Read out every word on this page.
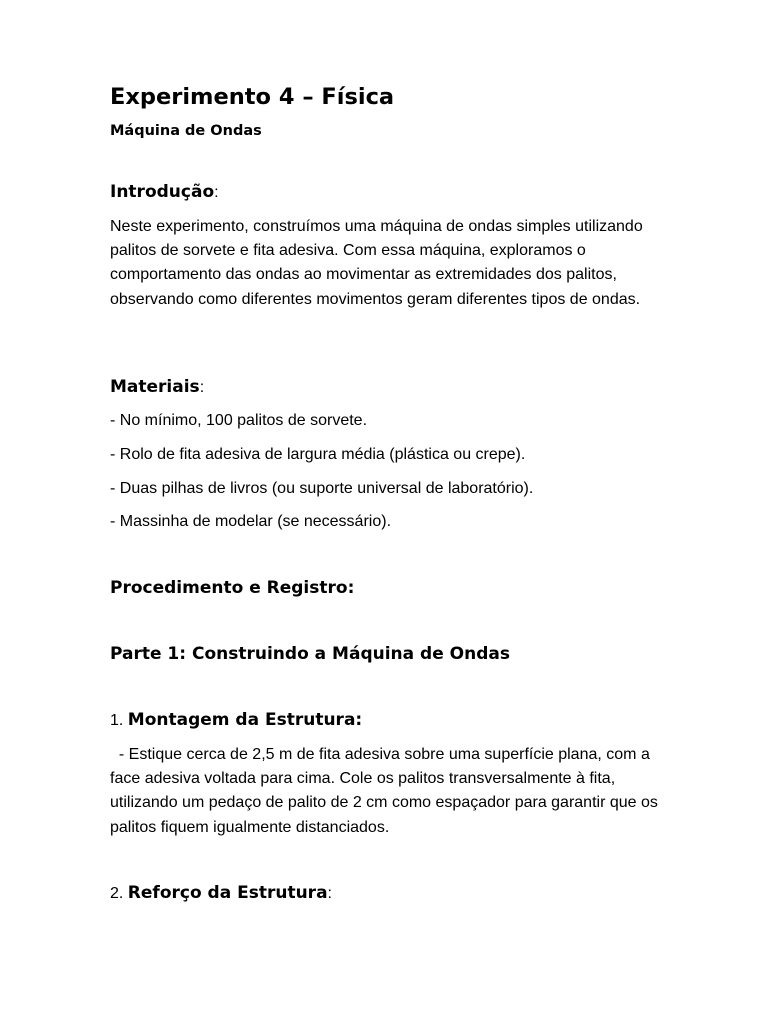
Experimento 4 – Física
Máquina de Ondas
Introdução:
Neste experimento, construímos uma máquina de ondas simples utilizando palitos de sorvete e fita adesiva. Com essa máquina, exploramos o comportamento das ondas ao movimentar as extremidades dos palitos, observando como diferentes movimentos geram diferentes tipos de ondas.
Materiais:
- No mínimo, 100 palitos de sorvete.
- Rolo de fita adesiva de largura média (plástica ou crepe).
- Duas pilhas de livros (ou suporte universal de laboratório).
- Massinha de modelar (se necessário).
Procedimento e Registro:
Parte 1: Construindo a Máquina de Ondas
1. Montagem da Estrutura:
- Estique cerca de 2,5 m de fita adesiva sobre uma superfície plana, com a face adesiva voltada para cima. Cole os palitos transversalmente à fita, utilizando um pedaço de palito de 2 cm como espaçador para garantir que os palitos fiquem igualmente distanciados.
2. Reforço da Estrutura:
